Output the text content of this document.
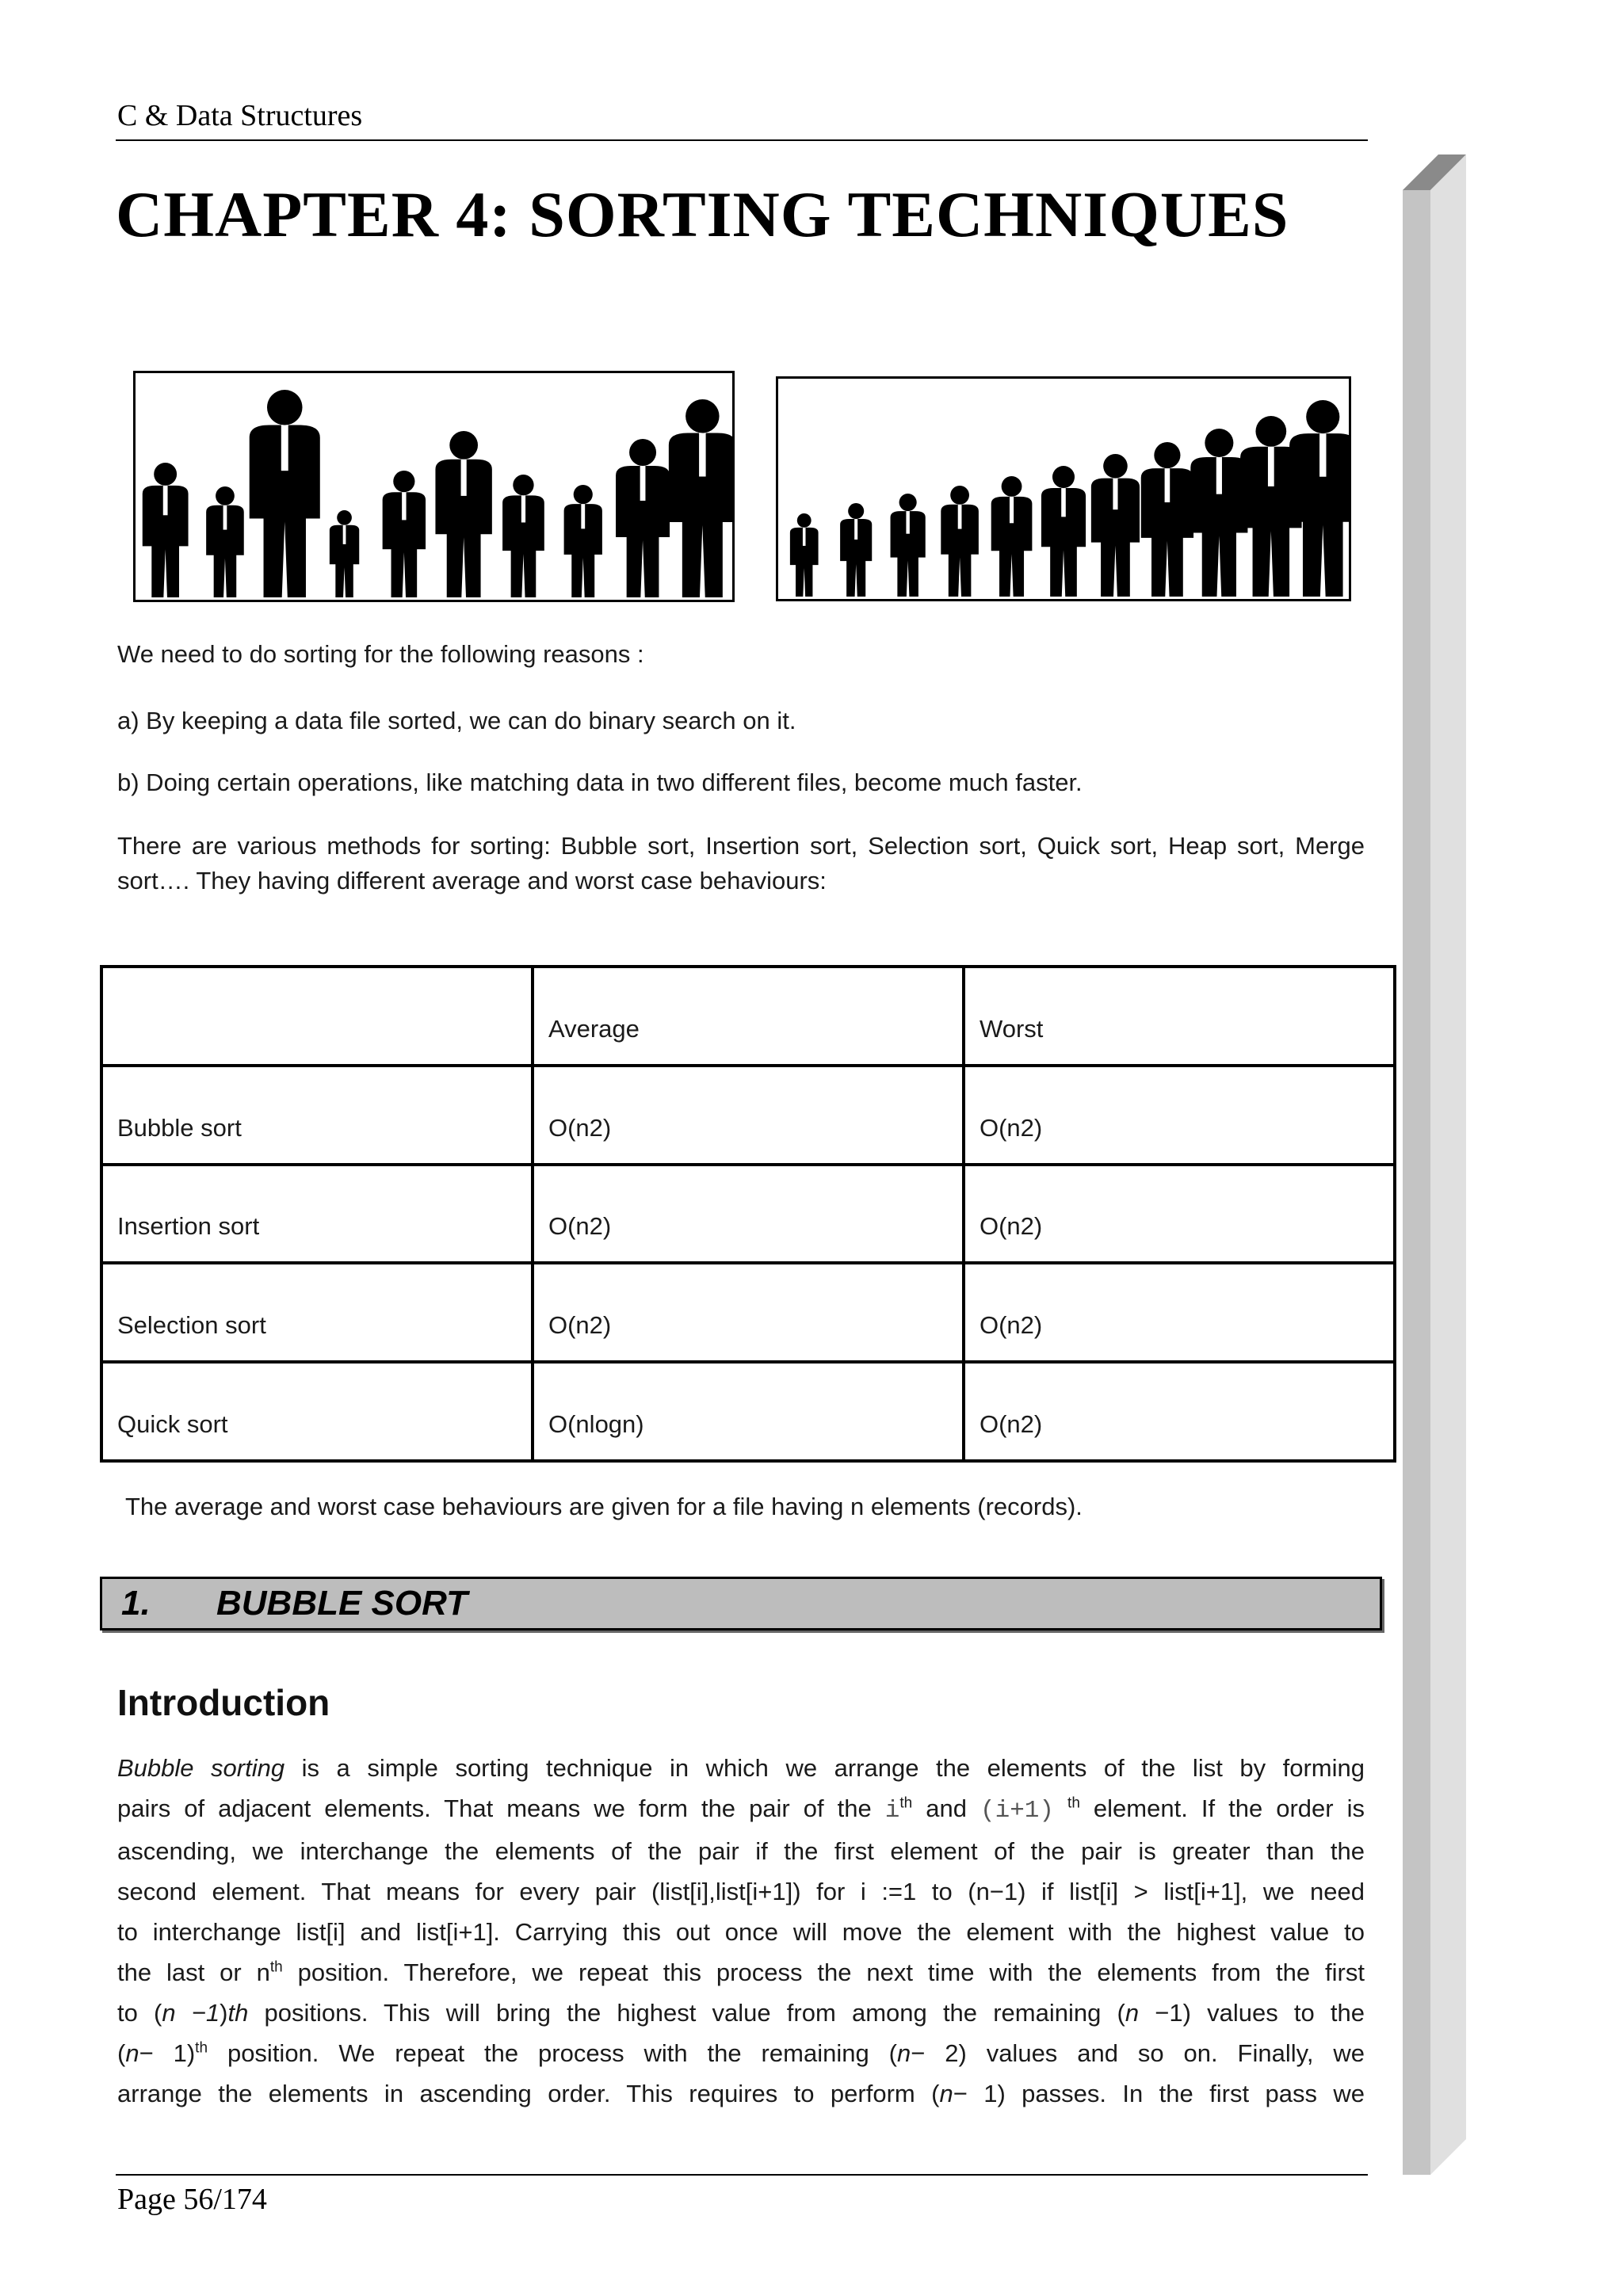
C & Data Structures
CHAPTER 4: SORTING TECHNIQUES

We need to do sorting for the following reasons :

a) By keeping a data file sorted, we can do binary search on it.

b) Doing certain operations, like matching data in two different files, become much faster.

There are various methods for sorting: Bubble sort, Insertion sort, Selection sort, Quick sort, Heap sort, Merge sort…. They having different average and worst case behaviours:

	Average	Worst
Bubble sort	O(n2)	O(n2)
Insertion sort	O(n2)	O(n2)
Selection sort	O(n2)	O(n2)
Quick sort	O(nlogn)	O(n2)

The average and worst case behaviours are given for a file having n elements (records).

1. BUBBLE SORT
Introduction
Bubble sorting is a simple sorting technique in which we arrange the elements of the list by forming
pairs of adjacent elements. That means we form the pair of the $i^{th}$ and (i+1) $^{th}$ element. If the order is
ascending, we interchange the elements of the pair if the first element of the pair is greater than the
second element. That means for every pair (list[i],list[i+1]) for i :=1 to (n−1) if list[i] > list[i+1], we need
to interchange list[i] and list[i+1]. Carrying this out once will move the element with the highest value to
the last or $n^{th}$ position. Therefore, we repeat this process the next time with the elements from the first
to (n −1)th positions. This will bring the highest value from among the remaining (n −1) values to the
$(n- 1)^{th}$ position. We repeat the process with the remaining (n− 2) values and so on. Finally, we
arrange the elements in ascending order. This requires to perform (n− 1) passes. In the first pass we
Page 56/174
